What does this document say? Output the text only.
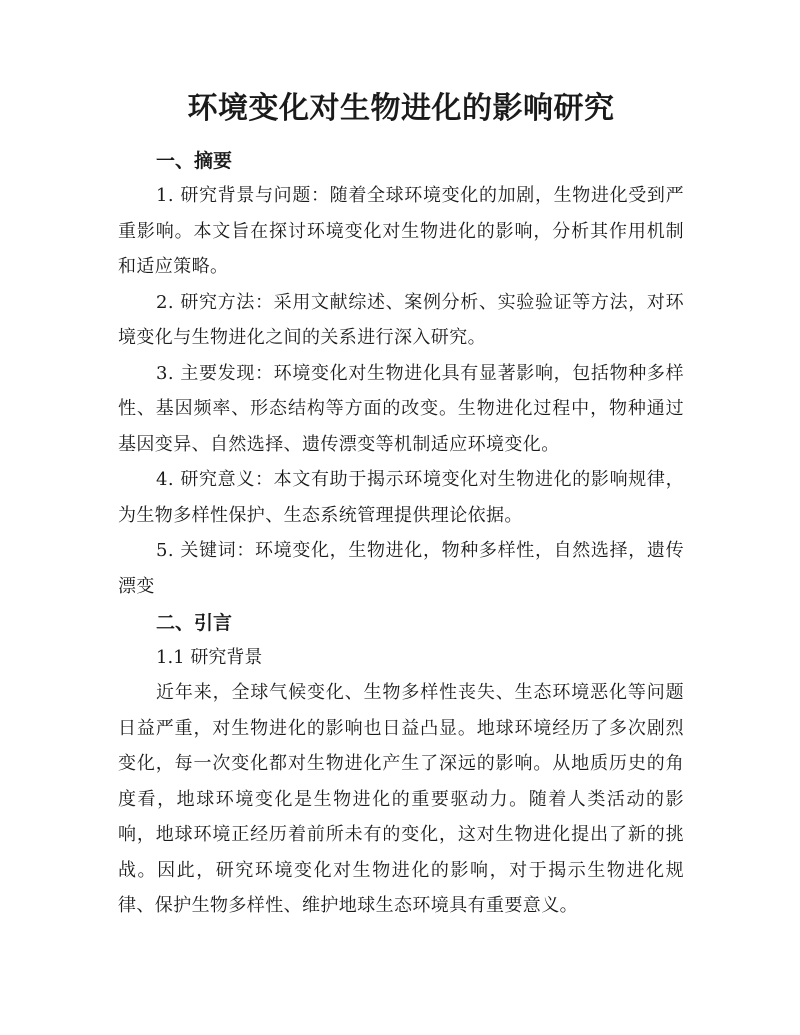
环境变化对生物进化的影响研究
一、摘要

1. 研究背景与问题：随着全球环境变化的加剧，生物进化受到严重影响。本文旨在探讨环境变化对生物进化的影响，分析其作用机制和适应策略。

2. 研究方法：采用文献综述、案例分析、实验验证等方法，对环境变化与生物进化之间的关系进行深入研究。

3. 主要发现：环境变化对生物进化具有显著影响，包括物种多样性、基因频率、形态结构等方面的改变。生物进化过程中，物种通过基因变异、自然选择、遗传漂变等机制适应环境变化。

4. 研究意义：本文有助于揭示环境变化对生物进化的影响规律，为生物多样性保护、生态系统管理提供理论依据。

5. 关键词：环境变化，生物进化，物种多样性，自然选择，遗传漂变

二、引言

1.1 研究背景

近年来，全球气候变化、生物多样性丧失、生态环境恶化等问题日益严重，对生物进化的影响也日益凸显。地球环境经历了多次剧烈变化，每一次变化都对生物进化产生了深远的影响。从地质历史的角度看，地球环境变化是生物进化的重要驱动力。随着人类活动的影响，地球环境正经历着前所未有的变化，这对生物进化提出了新的挑战。因此，研究环境变化对生物进化的影响，对于揭示生物进化规律、保护生物多样性、维护地球生态环境具有重要意义。
